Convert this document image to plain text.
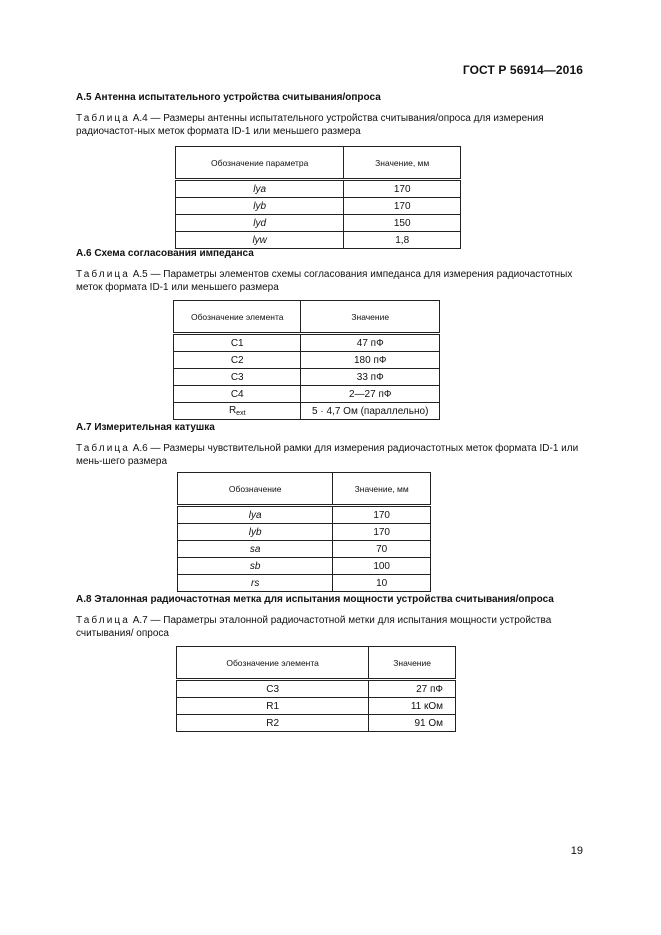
ГОСТ Р 56914—2016
А.5 Антенна испытательного устройства считывания/опроса
Таблица А.4 — Размеры антенны испытательного устройства считывания/опроса для измерения радиочастот-ных меток формата ID-1 или меньшего размера
Обозначение параметра	Значение, мм
lya	170
lyb	170
lyd	150
lyw	1,8
А.6 Схема согласования импеданса
Таблица А.5 — Параметры элементов схемы согласования импеданса для измерения радиочастотных меток формата ID-1 или меньшего размера
Обозначение элемента	Значение
C1	47 пФ
C2	180 пФ
C3	33 пФ
C4	2—27 пФ
$R_{ext}$	5 · 4,7 Ом (параллельно)
А.7 Измерительная катушка
Таблица А.6 — Размеры чувствительной рамки для измерения радиочастотных меток формата ID-1 или мень-шего размера
Обозначение	Значение, мм
lya	170
lyb	170
sa	70
sb	100
rs	10
А.8 Эталонная радиочастотная метка для испытания мощности устройства считывания/опроса
Таблица А.7 — Параметры эталонной радиочастотной метки для испытания мощности устройства считывания/ опроса
Обозначение элемента	Значение
C3	27 пФ
R1	11 кОм
R2	91 Ом
19
